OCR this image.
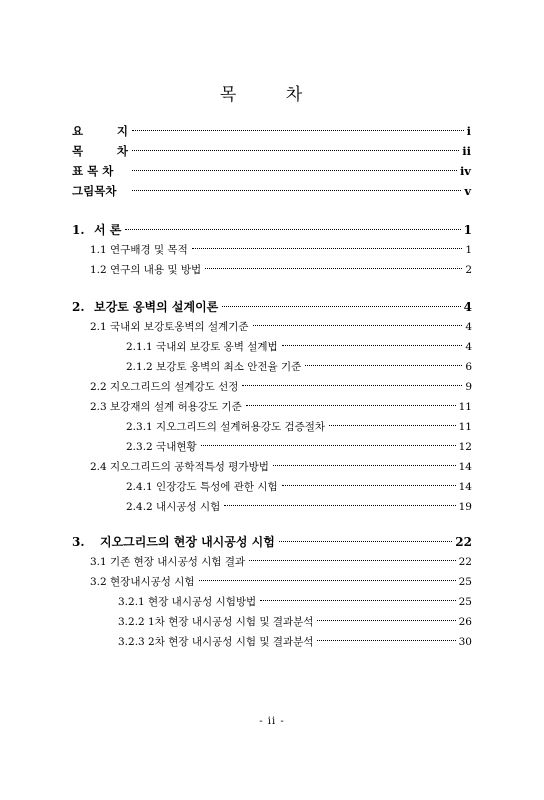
목 차
요	지	i
목	차	ii
표 목 차	iv
그림목차	v
1. 서 론	1
1.1 연구배경 및 목적	1
1.2 연구의 내용 및 방법	2
2. 보강토 옹벽의 설계이론	4
2.1 국내외 보강토옹벽의 설계기준	4
2.1.1 국내외 보강토 옹벽 설계법	4
2.1.2 보강토 옹벽의 최소 안전율 기준	6
2.2 지오그리드의 설계강도 선정	9
2.3 보강재의 설계 허용강도 기준	11
2.3.1 지오그리드의 설계허용강도 검증절차	11
2.3.2 국내현황	12
2.4 지오그리드의 공학적특성 평가방법	14
2.4.1 인장강도 특성에 관한 시험	14
2.4.2 내시공성 시험	19
3. 지오그리드의 현장 내시공성 시험	22
3.1 기존 현장 내시공성 시험 결과	22
3.2 현장내시공성 시험	25
3.2.1 현장 내시공성 시험방법	25
3.2.2 1차 현장 내시공성 시험 및 결과분석	26
3.2.3 2차 현장 내시공성 시험 및 결과분석	30
- ii -
